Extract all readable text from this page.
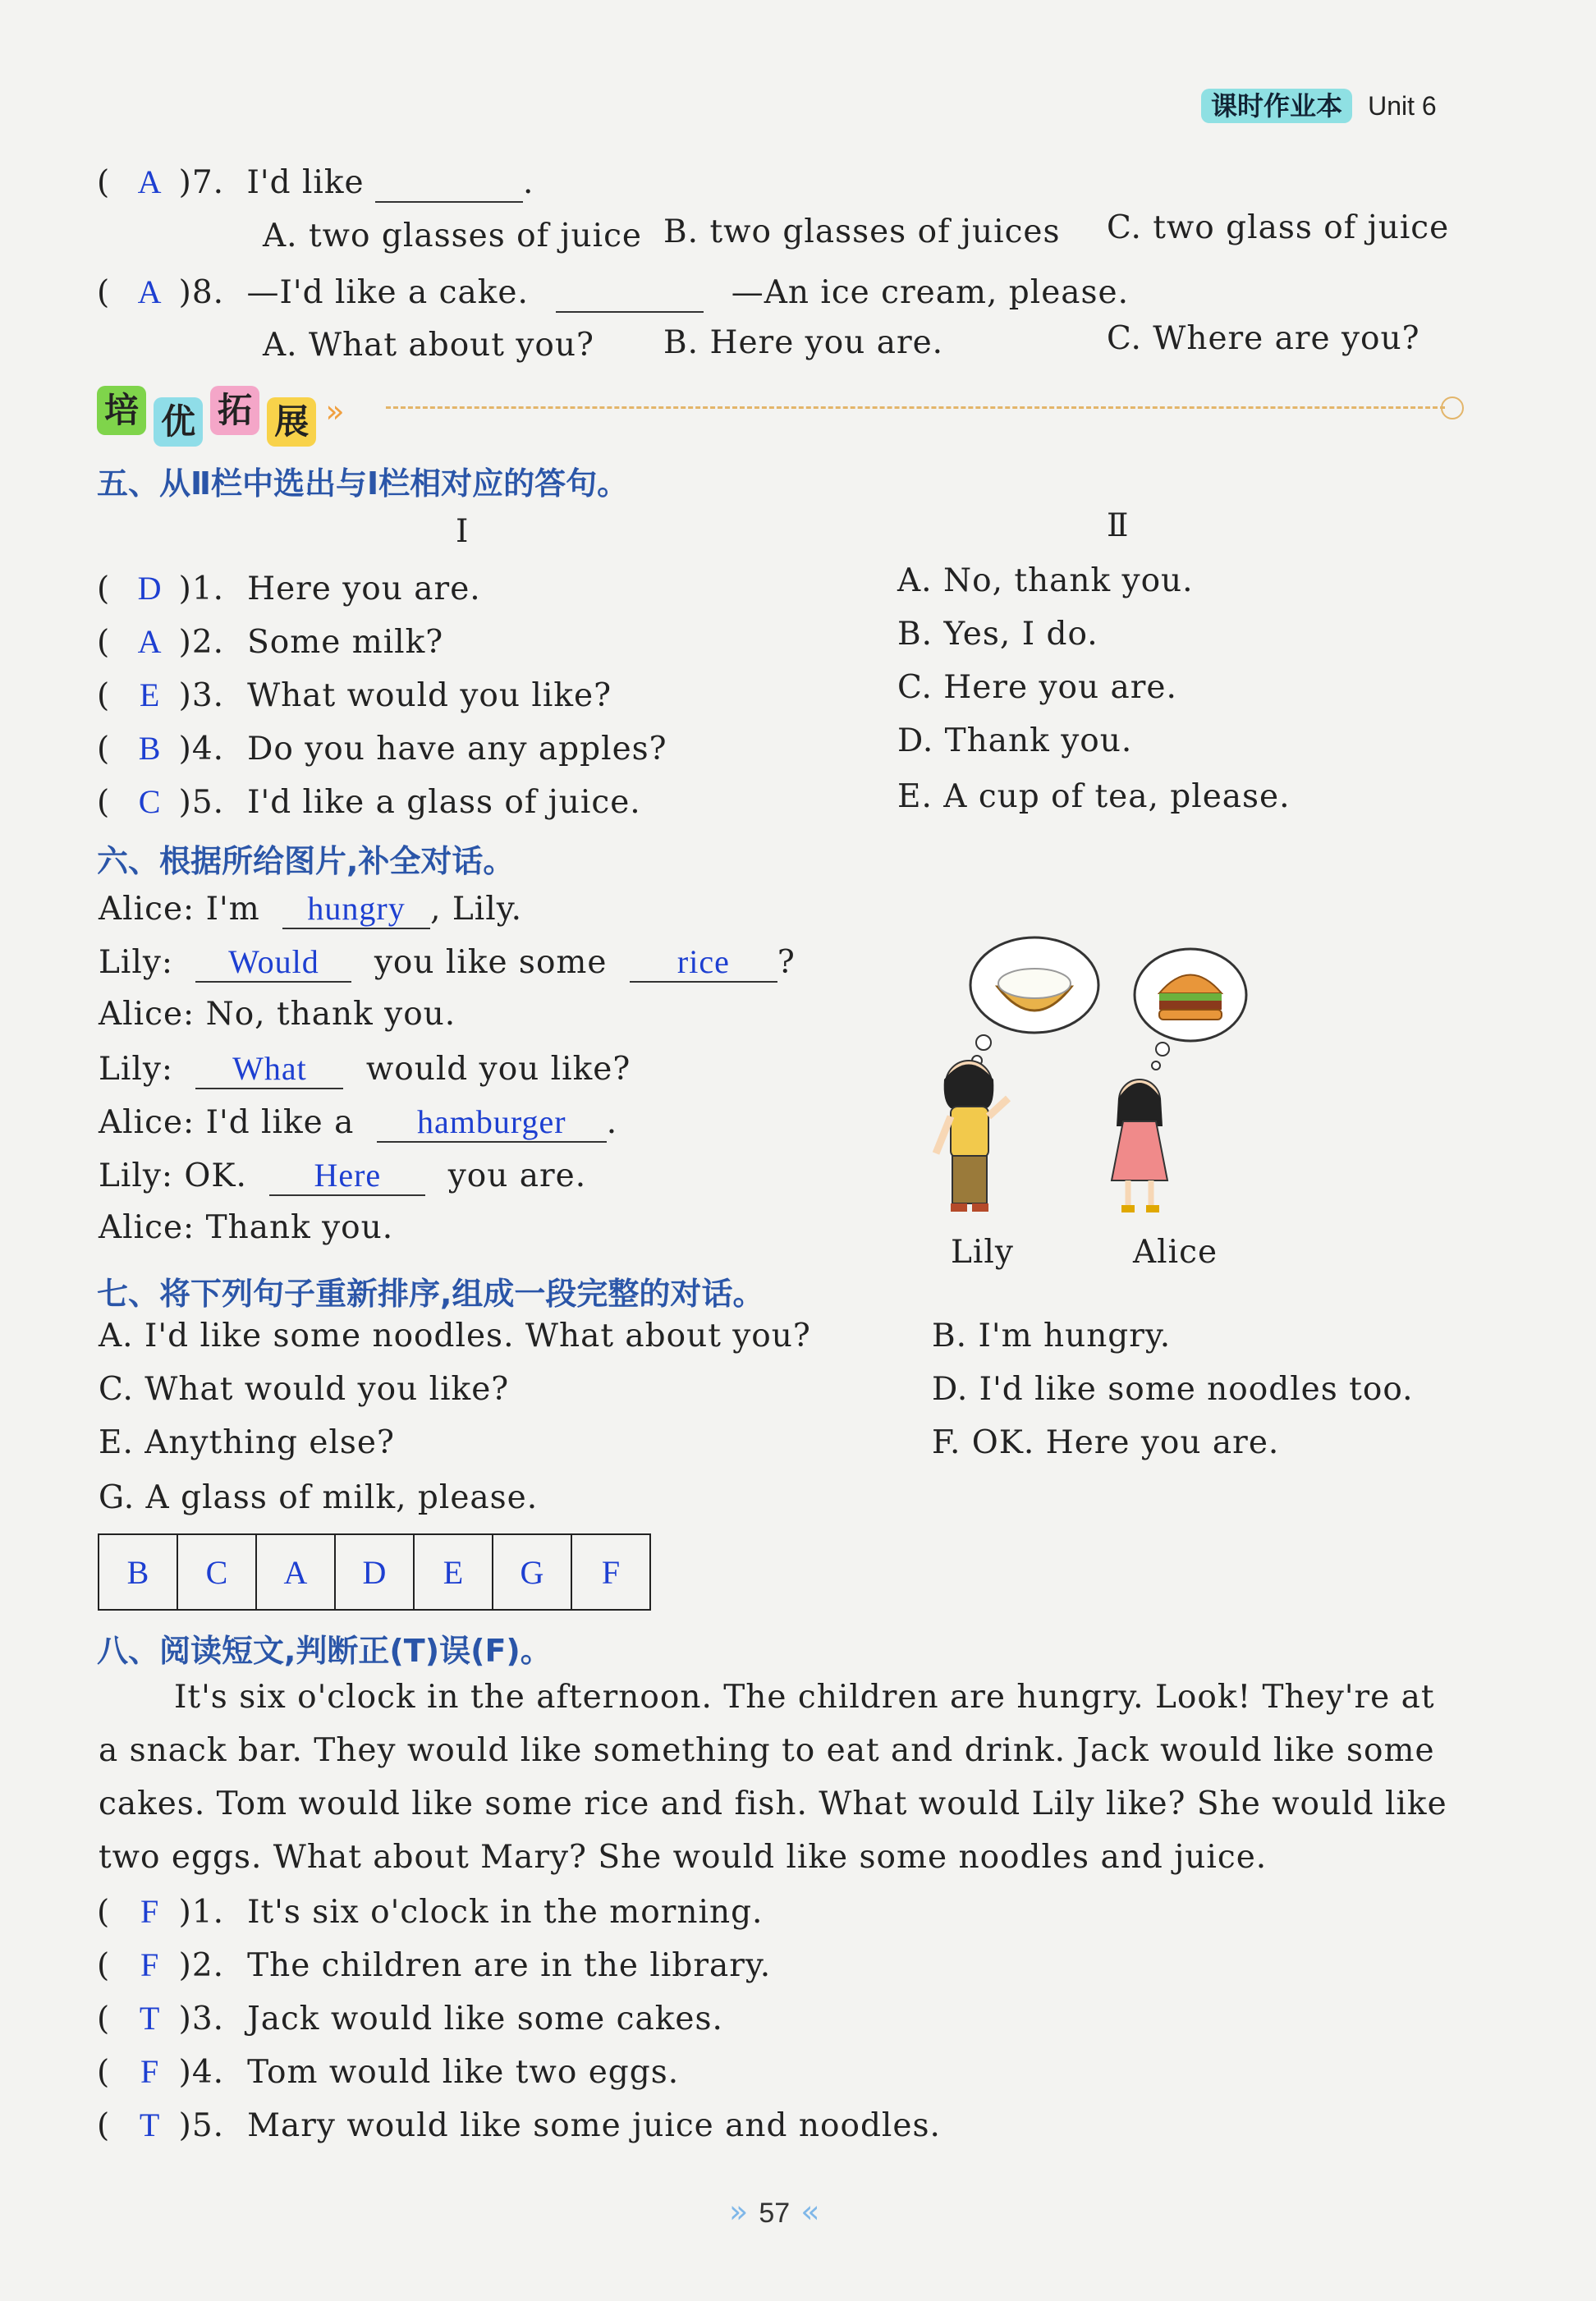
课时作业本 Unit 6
( A )7. I'd like	.
A. two glasses of juice B. two glasses of juices C. two glass of juice
( A )8. —I'd like a cake.	—An ice cream, please.
A. What about you? B. Here you are.	C. Where are you?
培 优 拓 展 »
五、从Ⅱ栏中选出与Ⅰ栏相对应的答句。
Ⅰ	Ⅱ
( D )1. Here you are.
( A )2. Some milk?
( E )3. What would you like?
( B )4. Do you have any apples?
( C )5. I'd like a glass of juice.
A. No, thank you.
B. Yes, I do.
C. Here you are.
D. Thank you.
E. A cup of tea, please.
六、根据所给图片,补全对话。
Alice: I'm hungry , Lily.
Lily: Would you like some rice ?
Alice: No, thank you.
Lily: What would you like?
Alice: I'd like a hamburger .
Lily: OK. Here you are.
Alice: Thank you.
Lily	Alice
七、将下列句子重新排序,组成一段完整的对话。
A. I'd like some noodles. What about you?
C. What would you like?
E. Anything else?
G. A glass of milk, please.
B. I'm hungry.
D. I'd like some noodles too.
F. OK. Here you are.
B	C	A	D	E	G	F
八、阅读短文,判断正(T)误(F)。
It's six o'clock in the afternoon. The children are hungry. Look! They're at
a snack bar. They would like something to eat and drink. Jack would like some
cakes. Tom would like some rice and fish. What would Lily like? She would like
two eggs. What about Mary? She would like some noodles and juice.
( F )1. It's six o'clock in the morning.
( F )2. The children are in the library.
( T )3. Jack would like some cakes.
( F )4. Tom would like two eggs.
( T )5. Mary would like some juice and noodles.
» 57 «
